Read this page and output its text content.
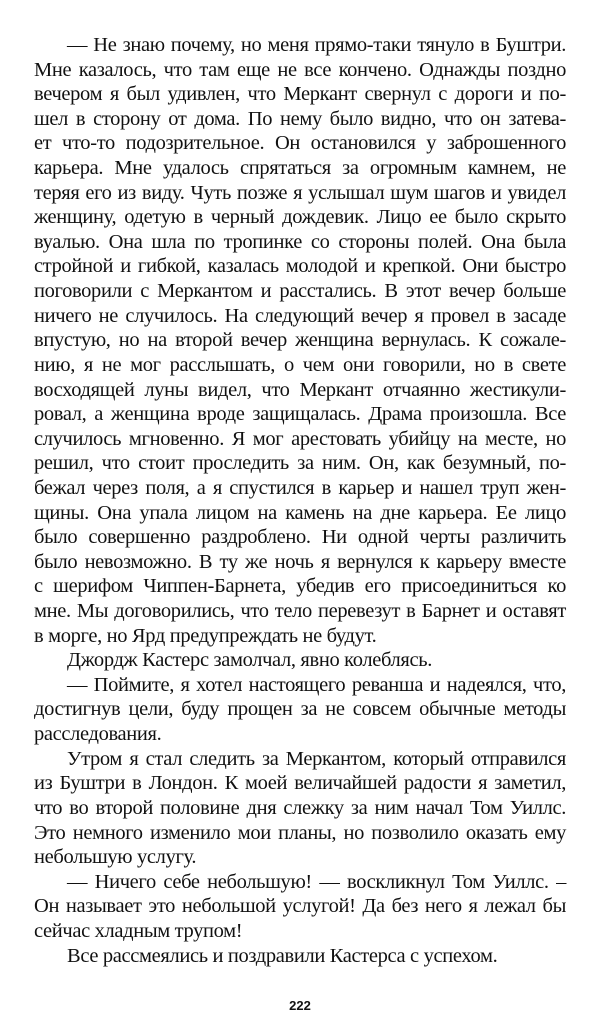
— Не знаю почему, но меня прямо-таки тянуло в Буштри.
Мне казалось, что там еще не все кончено. Однажды поздно
вечером я был удивлен, что Меркант свернул с дороги и по-
шел в сторону от дома. По нему было видно, что он затева-
ет что-то подозрительное. Он остановился у заброшенного
карьера. Мне удалось спрятаться за огромным камнем, не
теряя его из виду. Чуть позже я услышал шум шагов и увидел
женщину, одетую в черный дождевик. Лицо ее было скрыто
вуалью. Она шла по тропинке со стороны полей. Она была
стройной и гибкой, казалась молодой и крепкой. Они быстро
поговорили с Меркантом и расстались. В этот вечер больше
ничего не случилось. На следующий вечер я провел в засаде
впустую, но на второй вечер женщина вернулась. К сожале-
нию, я не мог расслышать, о чем они говорили, но в свете
восходящей луны видел, что Меркант отчаянно жестикули-
ровал, а женщина вроде защищалась. Драма произошла. Все
случилось мгновенно. Я мог арестовать убийцу на месте, но
решил, что стоит проследить за ним. Он, как безумный, по-
бежал через поля, а я спустился в карьер и нашел труп жен-
щины. Она упала лицом на камень на дне карьера. Ее лицо
было совершенно раздроблено. Ни одной черты различить
было невозможно. В ту же ночь я вернулся к карьеру вместе
с шерифом Чиппен-Барнета, убедив его присоединиться ко
мне. Мы договорились, что тело перевезут в Барнет и оставят
в морге, но Ярд предупреждать не будут.
Джордж Кастерс замолчал, явно колеблясь.
— Поймите, я хотел настоящего реванша и надеялся, что,
достигнув цели, буду прощен за не совсем обычные методы
расследования.
Утром я стал следить за Меркантом, который отправился
из Буштри в Лондон. К моей величайшей радости я заметил,
что во второй половине дня слежку за ним начал Том Уиллс.
Это немного изменило мои планы, но позволило оказать ему
небольшую услугу.
— Ничего себе небольшую! — воскликнул Том Уиллс. –
Он называет это небольшой услугой! Да без него я лежал бы
сейчас хладным трупом!
Все рассмеялись и поздравили Кастерса с успехом.
222
